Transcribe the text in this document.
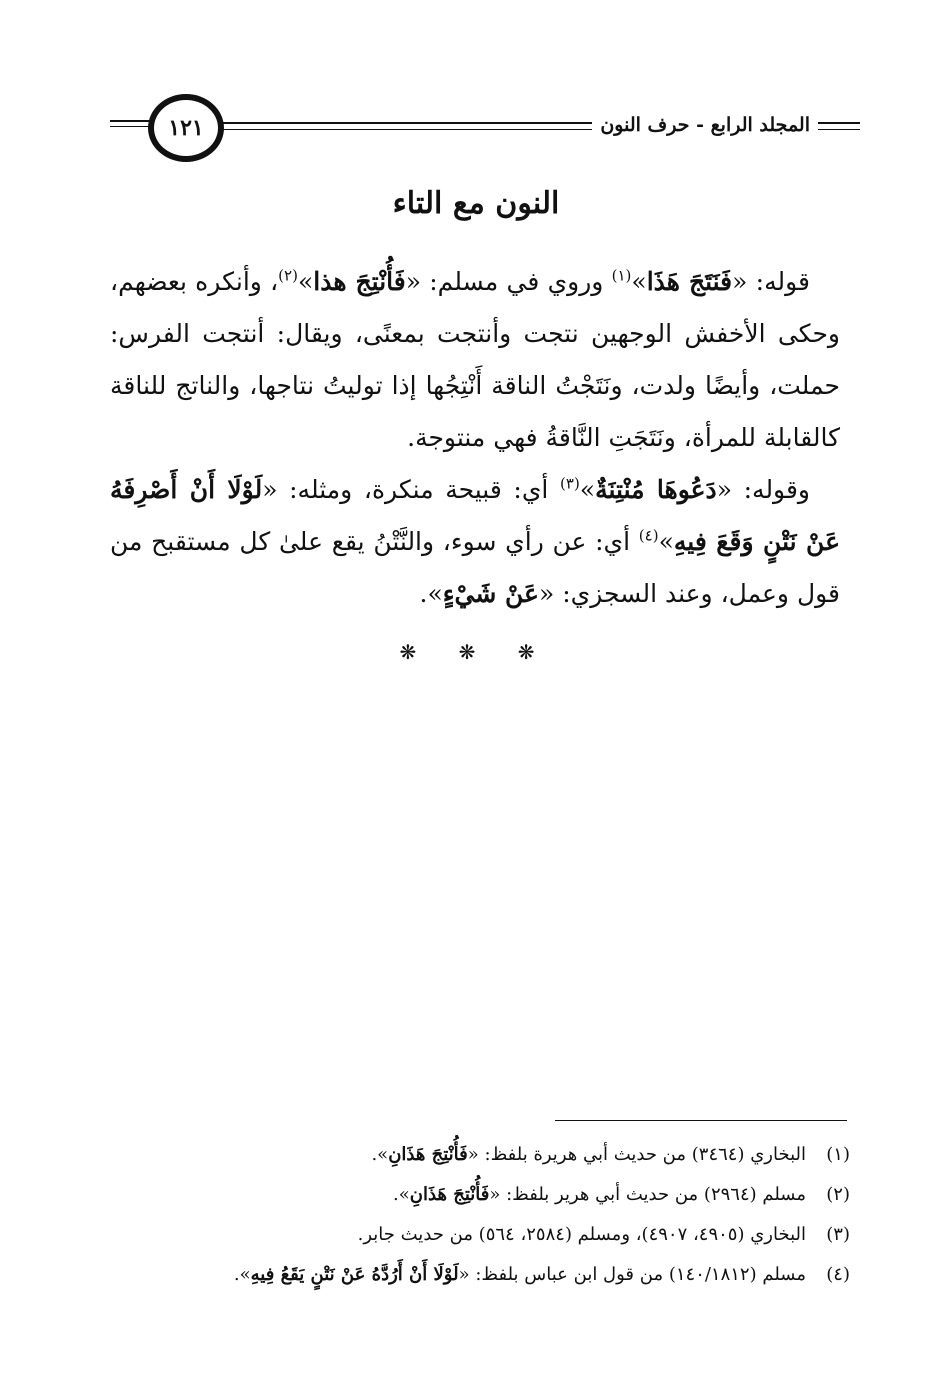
١٢١	المجلد الرابع - حرف النون
النون مع التاء

قوله: «فَنَتَجَ هَذَا»$^{(١)}$ وروي في مسلم: «فَأُنْتِجَ هذا»$^{(٢)}$، وأنكره بعضهم، وحكى الأخفش الوجهين نتجت وأنتجت بمعنًى، ويقال: أنتجت الفرس: حملت، وأيضًا ولدت، ونَتَجْتُ الناقة أَنْتِجُها إذا توليتُ نتاجها، والناتج للناقة كالقابلة للمرأة، ونَتَجَتِ النَّاقةُ فهي منتوجة.

وقوله: «دَعُوهَا مُنْتِنَةٌ»$^{(٣)}$ أي: قبيحة منكرة، ومثله: «لَوْلَا أَنْ أَصْرِفَهُ عَنْ نَتْنٍ وَقَعَ فِيهِ»$^{(٤)}$ أي: عن رأي سوء، والنَّتْنُ يقع علىٰ كل مستقبح من قول وعمل، وعند السجزي: «عَنْ شَيْءٍ».

❋ ❋ ❋
(١)البخاري (٣٤٦٤) من حديث أبي هريرة بلفظ: «فَأُنْتِجَ هَذَانِ».
(٢)مسلم (٢٩٦٤) من حديث أبي هرير بلفظ: «فَأُنْتِجَ هَذَانِ».
(٣)البخاري (٤٩٠٥، ٤٩٠٧)، ومسلم (٢٥٨٤، ٥٦٤) من حديث جابر.
(٤)مسلم (١٤٠/١٨١٢) من قول ابن عباس بلفظ: «لَوْلَا أَنْ أَرُدَّهُ عَنْ نَتْنٍ يَقَعُ فِيهِ».
